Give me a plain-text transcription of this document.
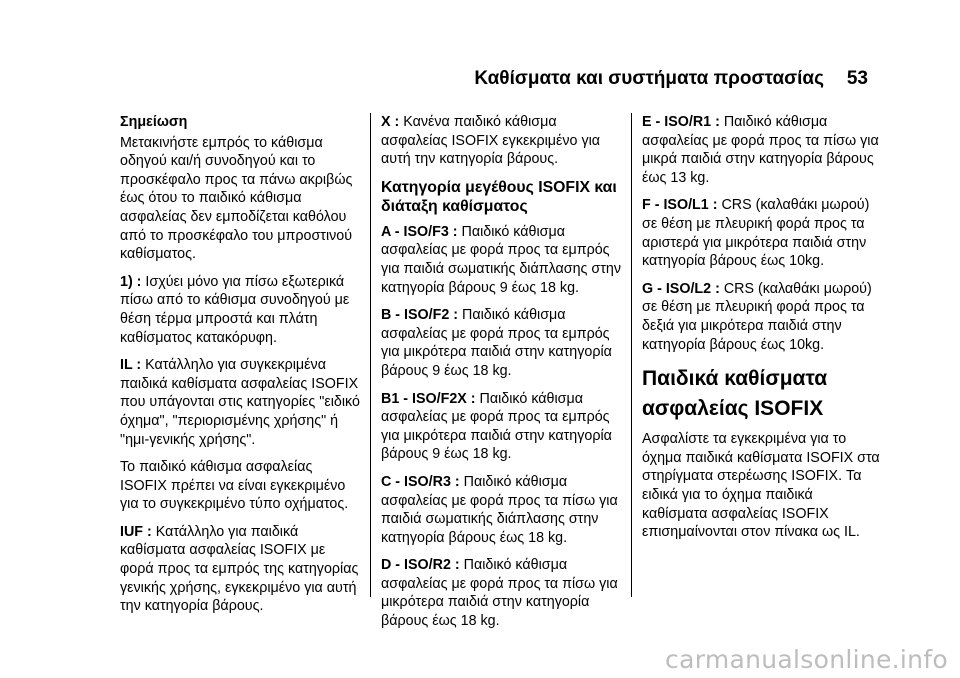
Καθίσματα και συστήματα προστασίας 53
Σημείωση

Μετακινήστε εμπρός το κάθισμα οδηγού και/ή συνοδηγού και το προσκέφαλο προς τα πάνω ακριβώς έως ότου το παιδικό κάθισμα ασφαλείας δεν εμποδίζεται καθόλου από το προσκέφαλο του μπροστινού καθίσματος.

1) : Ισχύει μόνο για πίσω εξωτερικά πίσω από το κάθισμα συνοδηγού με θέση τέρμα μπροστά και πλάτη καθίσματος κατακόρυφη.

IL : Κατάλληλο για συγκεκριμένα παιδικά καθίσματα ασφαλείας ISOFIX που υπάγονται στις κατηγορίες "ειδικό όχημα", "περιορισμένης χρήσης" ή "ημι-γενικής χρήσης".

Το παιδικό κάθισμα ασφαλείας ISOFIX πρέπει να είναι εγκεκριμένο για το συγκεκριμένο τύπο οχήματος.

IUF : Κατάλληλο για παιδικά καθίσματα ασφαλείας ISOFIX με φορά προς τα εμπρός της κατηγορίας γενικής χρήσης, εγκεκριμένο για αυτή την κατηγορία βάρους.

X : Κανένα παιδικό κάθισμα ασφαλείας ISOFIX εγκεκριμένο για αυτή την κατηγορία βάρους.

Κατηγορία μεγέθους ISOFIX και διάταξη καθίσματος

A - ISO/F3 : Παιδικό κάθισμα ασφαλείας με φορά προς τα εμπρός για παιδιά σωματικής διάπλασης στην κατηγορία βάρους 9 έως 18 kg.

B - ISO/F2 : Παιδικό κάθισμα ασφαλείας με φορά προς τα εμπρός για μικρότερα παιδιά στην κατηγορία βάρους 9 έως 18 kg.

B1 - ISO/F2X : Παιδικό κάθισμα ασφαλείας με φορά προς τα εμπρός για μικρότερα παιδιά στην κατηγορία βάρους 9 έως 18 kg.

C - ISO/R3 : Παιδικό κάθισμα ασφαλείας με φορά προς τα πίσω για παιδιά σωματικής διάπλασης στην κατηγορία βάρους έως 18 kg.

D - ISO/R2 : Παιδικό κάθισμα ασφαλείας με φορά προς τα πίσω για μικρότερα παιδιά στην κατηγορία βάρους έως 18 kg.

E - ISO/R1 : Παιδικό κάθισμα ασφαλείας με φορά προς τα πίσω για μικρά παιδιά στην κατηγορία βάρους έως 13 kg.

F - ISO/L1 : CRS (καλαθάκι μωρού) σε θέση με πλευρική φορά προς τα αριστερά για μικρότερα παιδιά στην κατηγορία βάρους έως 10kg.

G - ISO/L2 : CRS (καλαθάκι μωρού) σε θέση με πλευρική φορά προς τα δεξιά για μικρότερα παιδιά στην κατηγορία βάρους έως 10kg.

Παιδικά καθίσματα ασφαλείας ISOFIX

Ασφαλίστε τα εγκεκριμένα για το όχημα παιδικά καθίσματα ISOFIX στα στηρίγματα στερέωσης ISOFIX. Τα ειδικά για το όχημα παιδικά καθίσματα ασφαλείας ISOFIX επισημαίνονται στον πίνακα ως IL.

carmanualsonline.info
